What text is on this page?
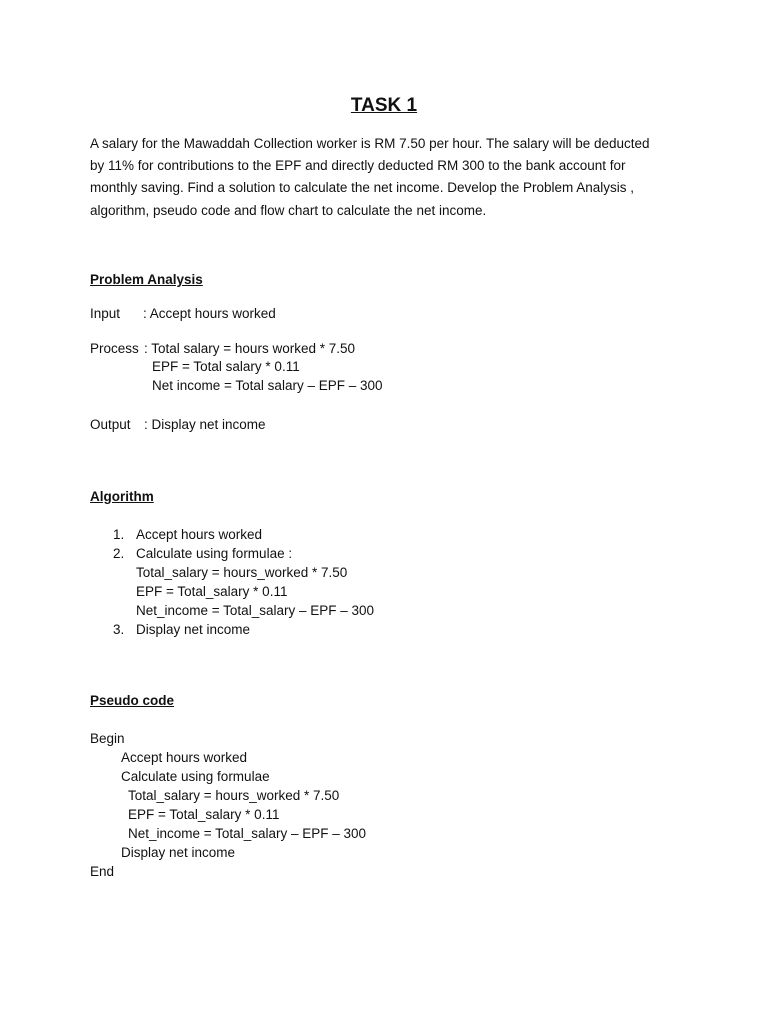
TASK 1
A salary for the Mawaddah Collection worker is RM 7.50 per hour. The salary will be deducted
by 11% for contributions to the EPF and directly deducted RM 300 to the bank account for
monthly saving. Find a solution to calculate the net income. Develop the Problem Analysis ,
algorithm, pseudo code and flow chart to calculate the net income.
Problem Analysis
Input : Accept hours worked
Process : Total salary = hours worked * 7.50
EPF = Total salary * 0.11
Net income = Total salary – EPF – 300
Output : Display net income
Algorithm
1. Accept hours worked
2. Calculate using formulae :
Total_salary = hours_worked * 7.50
EPF = Total_salary * 0.11
Net_income = Total_salary – EPF – 300
3. Display net income
Pseudo code
Begin
Accept hours worked
Calculate using formulae
Total_salary = hours_worked * 7.50
EPF = Total_salary * 0.11
Net_income = Total_salary – EPF – 300
Display net income
End
